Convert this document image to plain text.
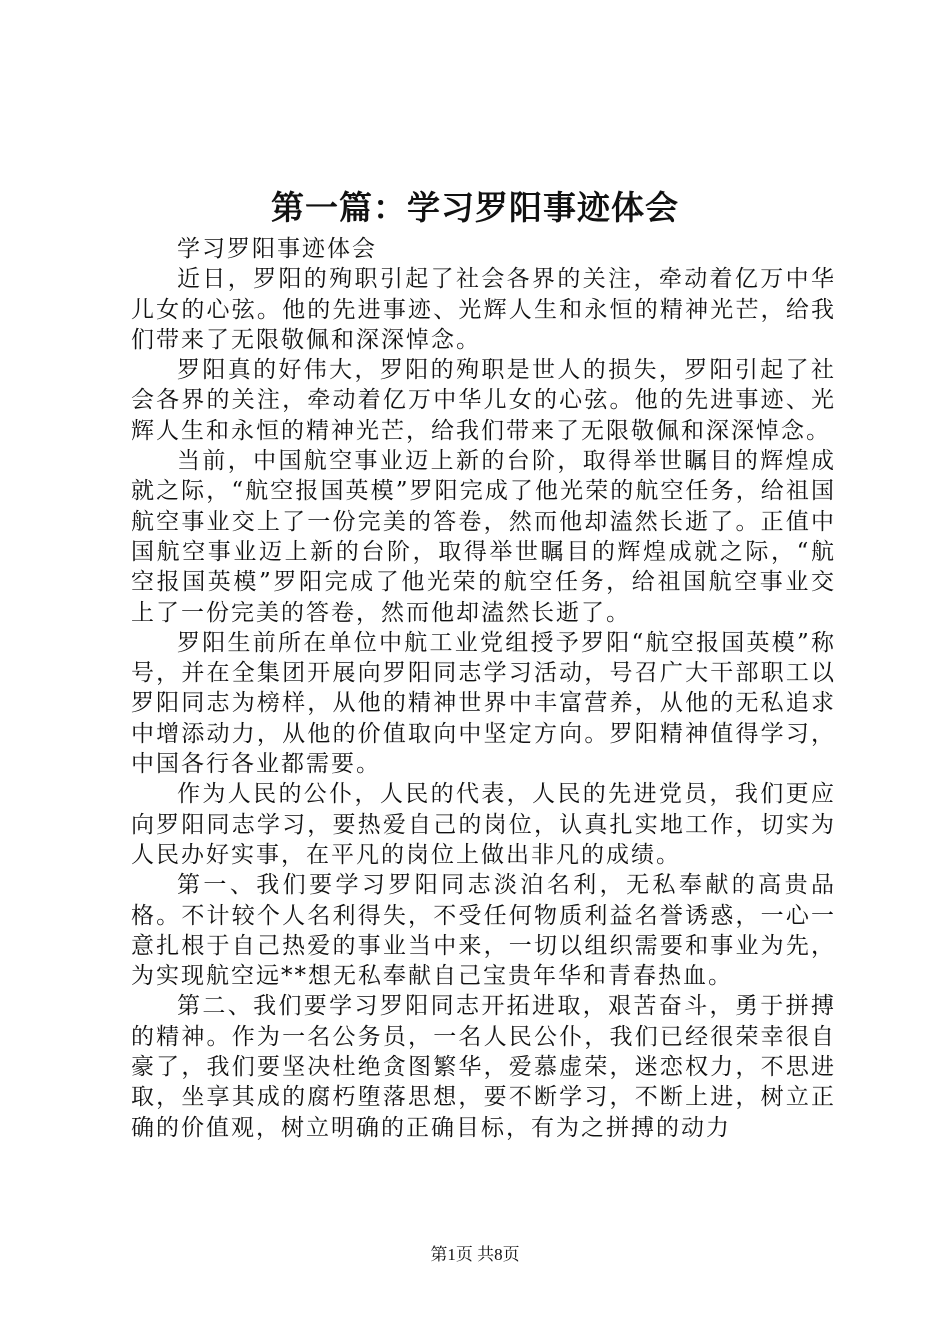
第一篇：学习罗阳事迹体会

学习罗阳事迹体会

近日，罗阳的殉职引起了社会各界的关注，牵动着亿万中华儿女的心弦。他的先进事迹、光辉人生和永恒的精神光芒，给我们带来了无限敬佩和深深悼念。

罗阳真的好伟大，罗阳的殉职是世人的损失，罗阳引起了社会各界的关注，牵动着亿万中华儿女的心弦。他的先进事迹、光辉人生和永恒的精神光芒，给我们带来了无限敬佩和深深悼念。

当前，中国航空事业迈上新的台阶，取得举世瞩目的辉煌成就之际，“航空报国英模”罗阳完成了他光荣的航空任务，给祖国航空事业交上了一份完美的答卷，然而他却溘然长逝了。正值中国航空事业迈上新的台阶，取得举世瞩目的辉煌成就之际，“航空报国英模”罗阳完成了他光荣的航空任务，给祖国航空事业交上了一份完美的答卷，然而他却溘然长逝了。

罗阳生前所在单位中航工业党组授予罗阳“航空报国英模”称号，并在全集团开展向罗阳同志学习活动，号召广大干部职工以罗阳同志为榜样，从他的精神世界中丰富营养，从他的无私追求中增添动力，从他的价值取向中坚定方向。罗阳精神值得学习，中国各行各业都需要。

作为人民的公仆，人民的代表，人民的先进党员，我们更应向罗阳同志学习，要热爱自己的岗位，认真扎实地工作，切实为人民办好实事，在平凡的岗位上做出非凡的成绩。

第一、我们要学习罗阳同志淡泊名利，无私奉献的高贵品格。不计较个人名利得失，不受任何物质利益名誉诱惑，一心一意扎根于自己热爱的事业当中来，一切以组织需要和事业为先，为实现航空远**想无私奉献自己宝贵年华和青春热血。

第二、我们要学习罗阳同志开拓进取，艰苦奋斗，勇于拼搏的精神。作为一名公务员，一名人民公仆，我们已经很荣幸很自豪了，我们要坚决杜绝贪图繁华，爱慕虚荣，迷恋权力，不思进取，坐享其成的腐朽堕落思想，要不断学习，不断上进，树立正确的价值观，树立明确的正确目标，有为之拼搏的动力

第1页 共8页
